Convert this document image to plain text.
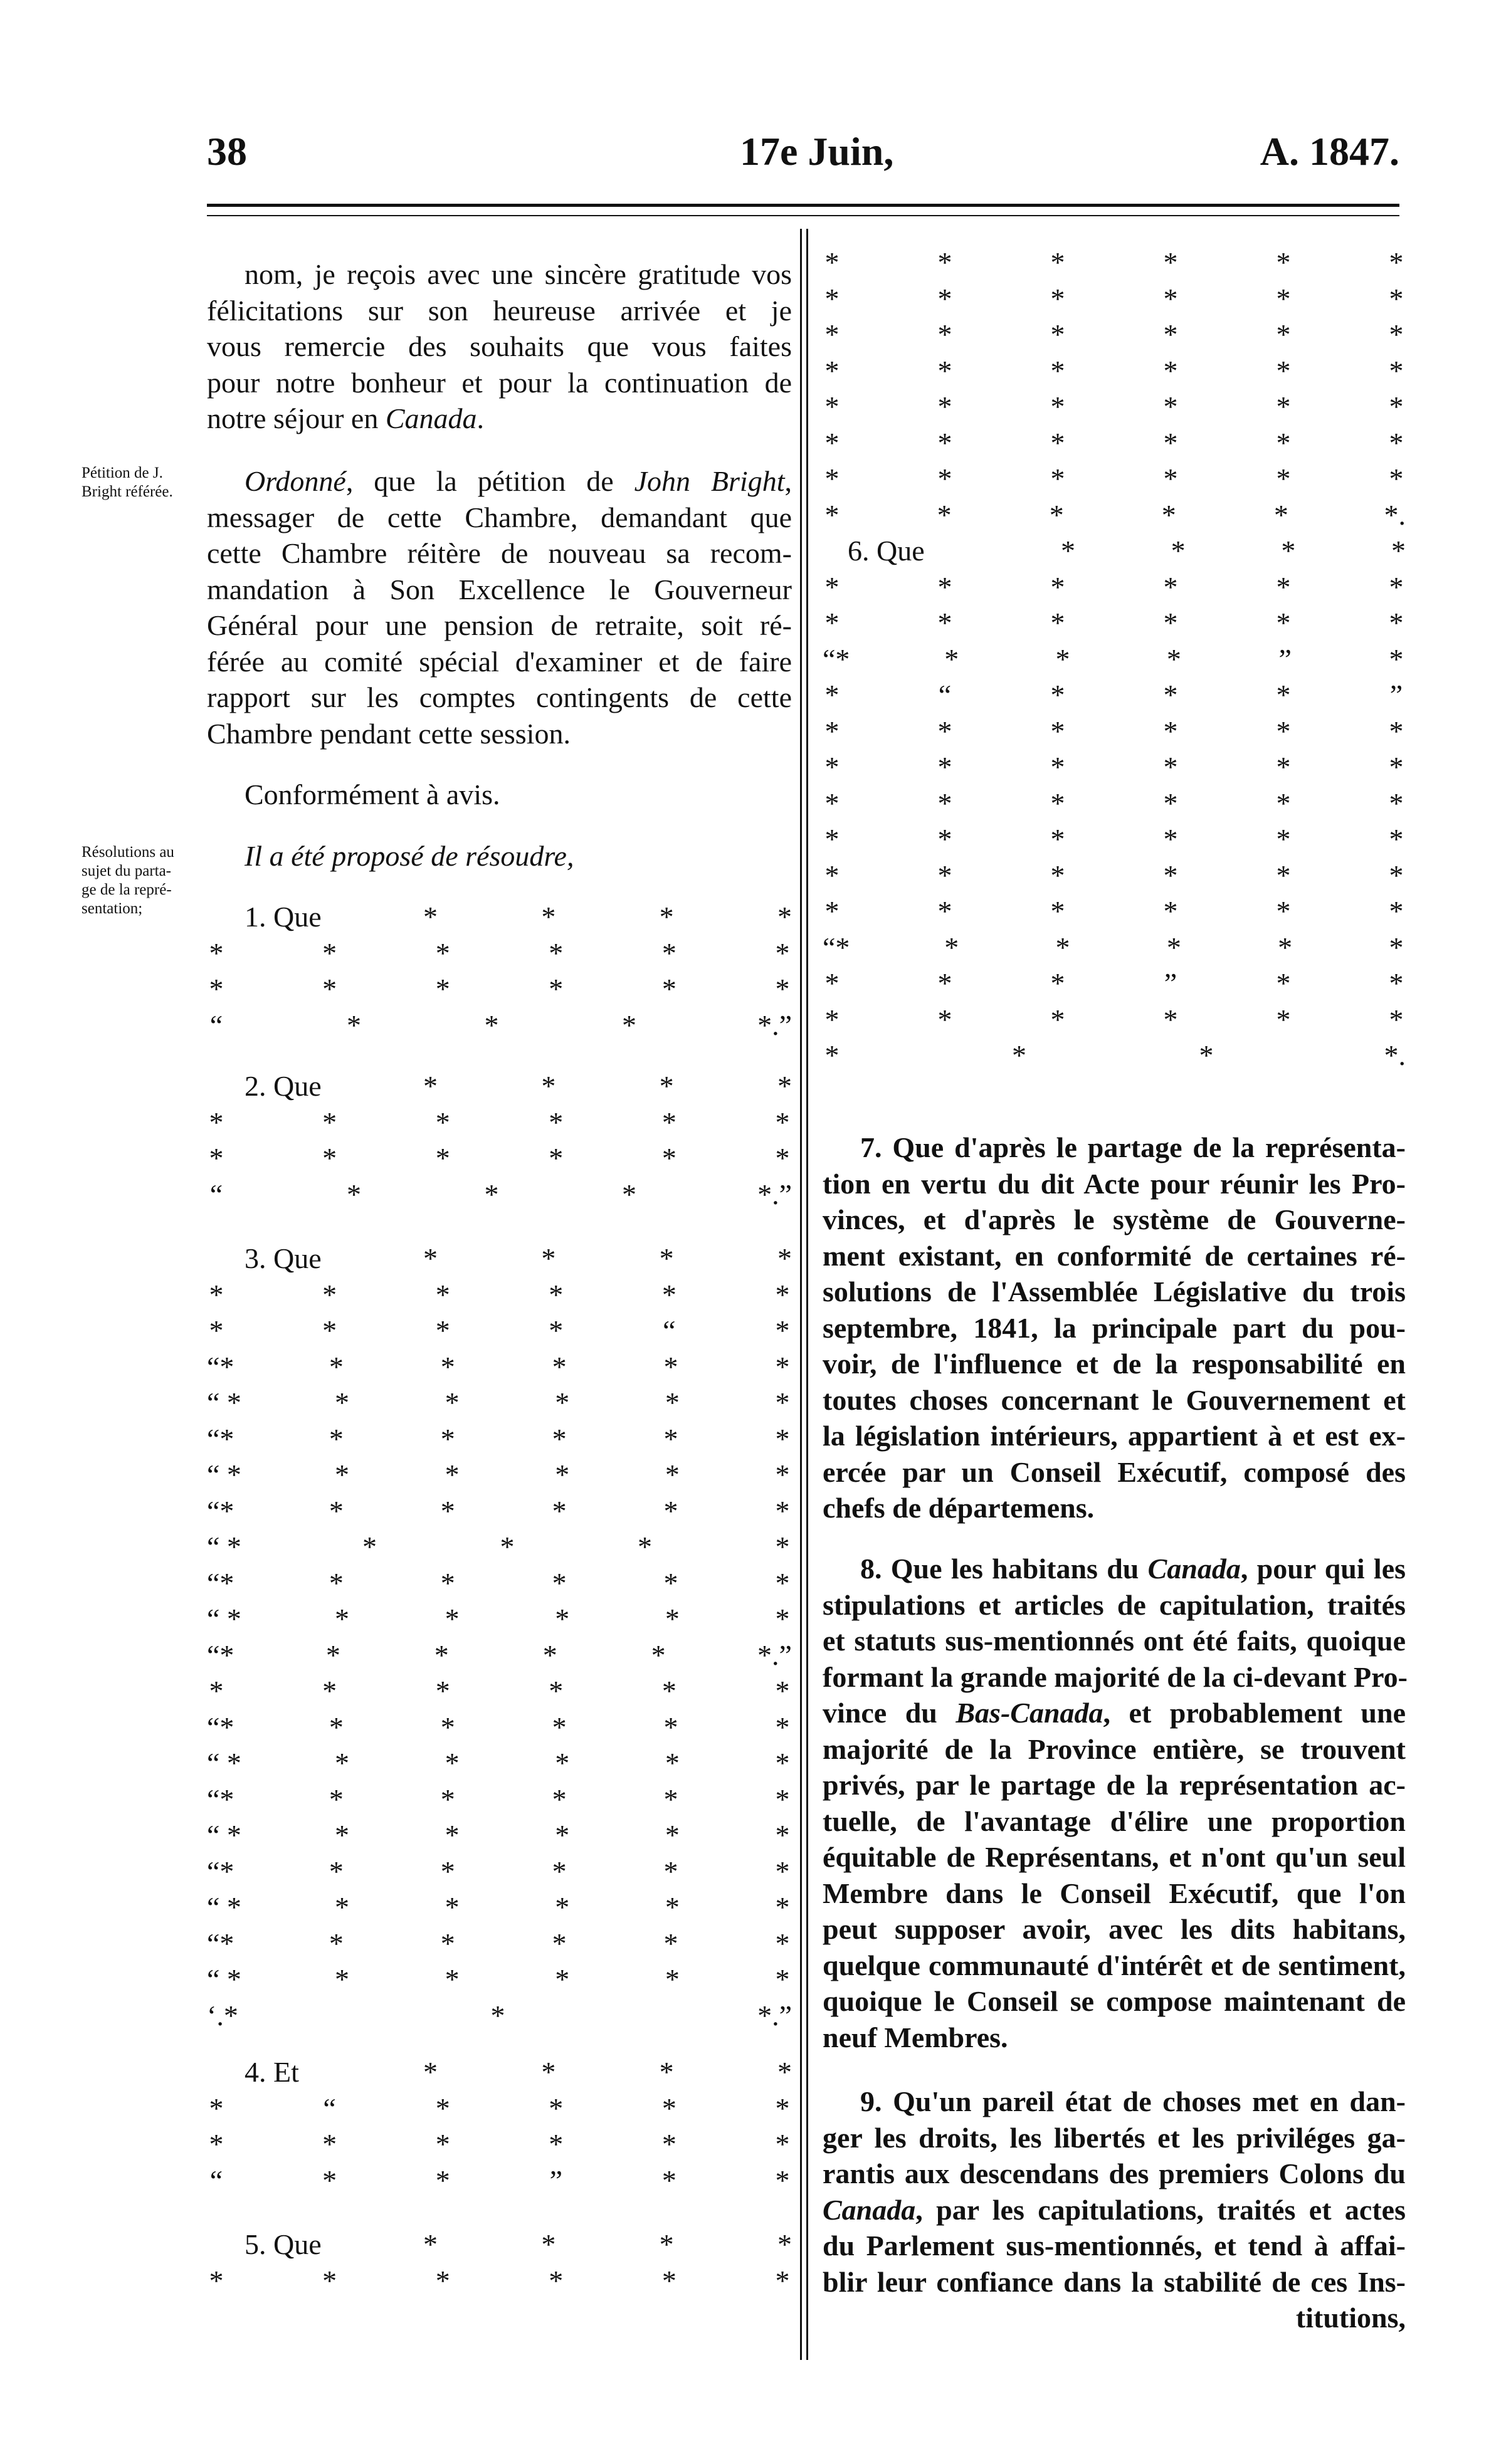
38	17e Juin,	A. 1847.
Pétition de J.
Bright référée.
Résolutions au
sujet du parta-
ge de la repré-
sentation;
nom, je reçois avec une sincère gratitude vos
félicitations sur son heureuse arrivée et je
vous remercie des souhaits que vous faites
pour notre bonheur et pour la continuation de
notre séjour en Canada.
Ordonné, que la pétition de John Bright,
messager de cette Chambre, demandant que
cette Chambre réitère de nouveau sa recom-
mandation à Son Excellence le Gouverneur
Général pour une pension de retraite, soit ré-
férée au comité spécial d'examiner et de faire
rapport sur les comptes contingents de cette
Chambre pendant cette session.
Conformément à avis.
Il a été proposé de résoudre,
1. Que	*	*	*	*
*	*	*	*	*	*
*	*	*	*	*	*
“	*	*	*	*.”
2. Que	*	*	*	*
*	*	*	*	*	*
*	*	*	*	*	*
“	*	*	*	*.”
3. Que	*	*	*	*
*	*	*	*	*	*
*	*	*	*	“	*
“*	*	*	*	*	*
“ *	*	*	*	*	*
“*	*	*	*	*	*
“ *	*	*	*	*	*
“*	*	*	*	*	*
“ *	*	*	*	*
“*	*	*	*	*	*
“ *	*	*	*	*	*
“*	*	*	*	*	*.”
*	*	*	*	*	*
“*	*	*	*	*	*
“ *	*	*	*	*	*
“*	*	*	*	*	*
“ *	*	*	*	*	*
“*	*	*	*	*	*
“ *	*	*	*	*	*
“*	*	*	*	*	*
“ *	*	*	*	*	*
‘.*	*	*.”
4. Et	*	*	*	*
*	“	*	*	*	*
*	*	*	*	*	*
“	*	*	”	*	*
5. Que	*	*	*	*
*	*	*	*	*	*
*	*	*	*	*	*
*	*	*	*	*	*
*	*	*	*	*	*
*	*	*	*	*	*
*	*	*	*	*	*
*	*	*	*	*	*
*	*	*	*	*	*
*	*	*	*	*	*.
6. Que	*	*	*	*
*	*	*	*	*	*
*	*	*	*	*	*
“*	*	*	*	”	*
*	“	*	*	*	”
*	*	*	*	*	*
*	*	*	*	*	*
*	*	*	*	*	*
*	*	*	*	*	*
*	*	*	*	*	*
*	*	*	*	*	*
“*	*	*	*	*	*
*	*	*	”	*	*
*	*	*	*	*	*
*	*	*	*.
7. Que d'après le partage de la représenta-
tion en vertu du dit Acte pour réunir les Pro-
vinces, et d'après le système de Gouverne-
ment existant, en conformité de certaines ré-
solutions de l'Assemblée Législative du trois
septembre, 1841, la principale part du pou-
voir, de l'influence et de la responsabilité en
toutes choses concernant le Gouvernement et
la législation intérieurs, appartient à et est ex-
ercée par un Conseil Exécutif, composé des
chefs de départemens.
8. Que les habitans du Canada, pour qui les
stipulations et articles de capitulation, traités
et statuts sus-mentionnés ont été faits, quoique
formant la grande majorité de la ci-devant Pro-
vince du Bas-Canada, et probablement une
majorité de la Province entière, se trouvent
privés, par le partage de la représentation ac-
tuelle, de l'avantage d'élire une proportion
équitable de Représentans, et n'ont qu'un seul
Membre dans le Conseil Exécutif, que l'on
peut supposer avoir, avec les dits habitans,
quelque communauté d'intérêt et de sentiment,
quoique le Conseil se compose maintenant de
neuf Membres.
9. Qu'un pareil état de choses met en dan-
ger les droits, les libertés et les priviléges ga-
rantis aux descendans des premiers Colons du
Canada, par les capitulations, traités et actes
du Parlement sus-mentionnés, et tend à affai-
blir leur confiance dans la stabilité de ces Ins-
titutions,
